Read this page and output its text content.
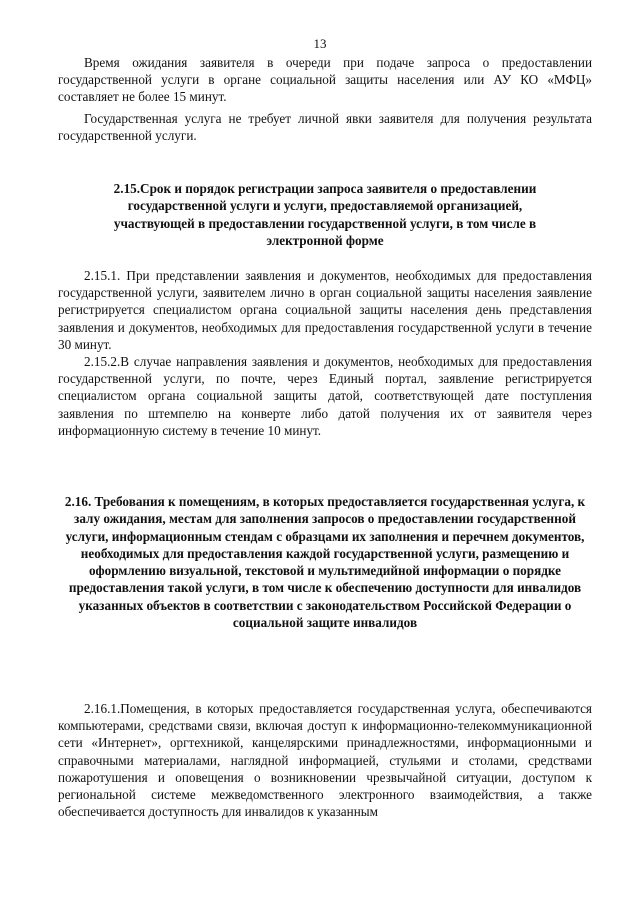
13

Время ожидания заявителя в очереди при подаче запроса о предоставлении государственной услуги в органе социальной защиты населения или АУ КО «МФЦ» составляет не более 15 минут.

Государственная услуга не требует личной явки заявителя для получения результата государственной услуги.

2.15.Срок и порядок регистрации запроса заявителя о предоставлении государственной услуги и услуги, предоставляемой организацией, участвующей в предоставлении государственной услуги, в том числе в электронной форме

2.15.1. При представлении заявления и документов, необходимых для предоставления государственной услуги, заявителем лично в орган социальной защиты населения заявление регистрируется специалистом органа социальной защиты населения день представления заявления и документов, необходимых для предоставления государственной услуги в течение 30 минут.

2.15.2.В случае направления заявления и документов, необходимых для предоставления государственной услуги, по почте, через Единый портал, заявление регистрируется специалистом органа социальной защиты датой, соответствующей дате поступления заявления по штемпелю на конверте либо датой получения их от заявителя через информационную систему в течение 10 минут.

2.16. Требования к помещениям, в которых предоставляется государственная услуга, к залу ожидания, местам для заполнения запросов о предоставлении государственной услуги, информационным стендам с образцами их заполнения и перечнем документов, необходимых для предоставления каждой государственной услуги, размещению и оформлению визуальной, текстовой и мультимедийной информации о порядке предоставления такой услуги, в том числе к обеспечению доступности для инвалидов указанных объектов в соответствии с законодательством Российской Федерации о социальной защите инвалидов

2.16.1.Помещения, в которых предоставляется государственная услуга, обеспечиваются компьютерами, средствами связи, включая доступ к информационно-телекоммуникационной сети «Интернет», оргтехникой, канцелярскими принадлежностями, информационными и справочными материалами, наглядной информацией, стульями и столами, средствами пожаротушения и оповещения о возникновении чрезвычайной ситуации, доступом к региональной системе межведомственного электронного взаимодействия, а также обеспечивается доступность для инвалидов к указанным
